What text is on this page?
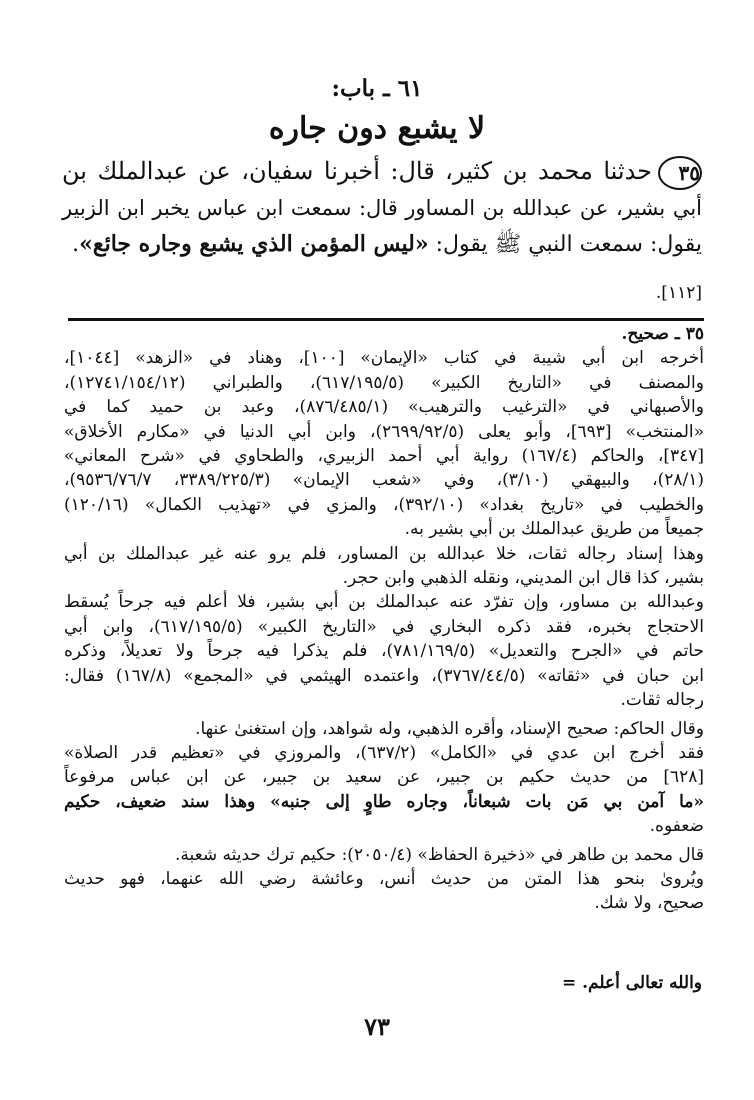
٦١ ـ باب:
لا يشبع دون جاره
٣٥حدثنا محمد بن كثير، قال: أخبرنا سفيان، عن عبدالملك بن
أبي بشير، عن عبدالله بن المساور قال: سمعت ابن عباس يخبر ابن الزبير
يقول: سمعت النبي ﷺ يقول: «ليس المؤمن الذي يشبع وجاره جائع».
[١١٢].
٣٥ ـ صحيح.
أخرجه ابن أبي شيبة في كتاب «الإيمان» [١٠٠]، وهناد في «الزهد» [١٠٤٤]،
والمصنف في «التاريخ الكبير» (٦١٧/١٩٥/٥)، والطبراني (١٢٧٤١/١٥٤/١٢)،
والأصبهاني في «الترغيب والترهيب» (٨٧٦/٤٨٥/١)، وعبد بن حميد كما في
«المنتخب» [٦٩٣]، وأبو يعلى (٢٦٩٩/٩٢/٥)، وابن أبي الدنيا في «مكارم الأخلاق»
[٣٤٧]، والحاكم (١٦٧/٤) رواية أبي أحمد الزبيري، والطحاوي في «شرح المعاني»
(٢٨/١)، والبيهقي (٣/١٠)، وفي «شعب الإيمان» (٣٣٨٩/٢٢٥/٣، ٩٥٣٦/٧٦/٧)،
والخطيب في «تاريخ بغداد» (٣٩٢/١٠)، والمزي في «تهذيب الكمال» (١٢٠/١٦)
جميعاً من طريق عبدالملك بن أبي بشير به.
وهذا إسناد رجاله ثقات، خلا عبدالله بن المساور، فلم يرو عنه غير عبدالملك بن أبي
بشير، كذا قال ابن المديني، ونقله الذهبي وابن حجر.
وعبدالله بن مساور، وإن تفرّد عنه عبدالملك بن أبي بشير، فلا أعلم فيه جرحاً يُسقط
الاحتجاج بخبره، فقد ذكره البخاري في «التاريخ الكبير» (٦١٧/١٩٥/٥)، وابن أبي
حاتم في «الجرح والتعديل» (٧٨١/١٦٩/٥)، فلم يذكرا فيه جرحاً ولا تعديلاً، وذكره
ابن حبان في «ثقاته» (٣٧٦٧/٤٤/٥)، واعتمده الهيثمي في «المجمع» (١٦٧/٨) فقال:
رجاله ثقات.
وقال الحاكم: صحيح الإسناد، وأقره الذهبي، وله شواهد، وإن استغنىٰ عنها.
فقد أخرج ابن عدي في «الكامل» (٦٣٧/٢)، والمروزي في «تعظيم قدر الصلاة»
[٦٢٨] من حديث حكيم بن جبير، عن سعيد بن جبير، عن ابن عباس مرفوعاً
«ما آمن بي مَن بات شبعاناً، وجاره طاوٍ إلى جنبه» وهذا سند ضعيف، حكيم
ضعفوه.
قال محمد بن طاهر في «ذخيرة الحفاظ» (٢٠٥٠/٤): حكيم ترك حديثه شعبة.
ويُروىٰ بنحو هذا المتن من حديث أنس، وعائشة رضي الله عنهما، فهو حديث
صحيح، ولا شك.
والله تعالى أعلم. =
٧٣
